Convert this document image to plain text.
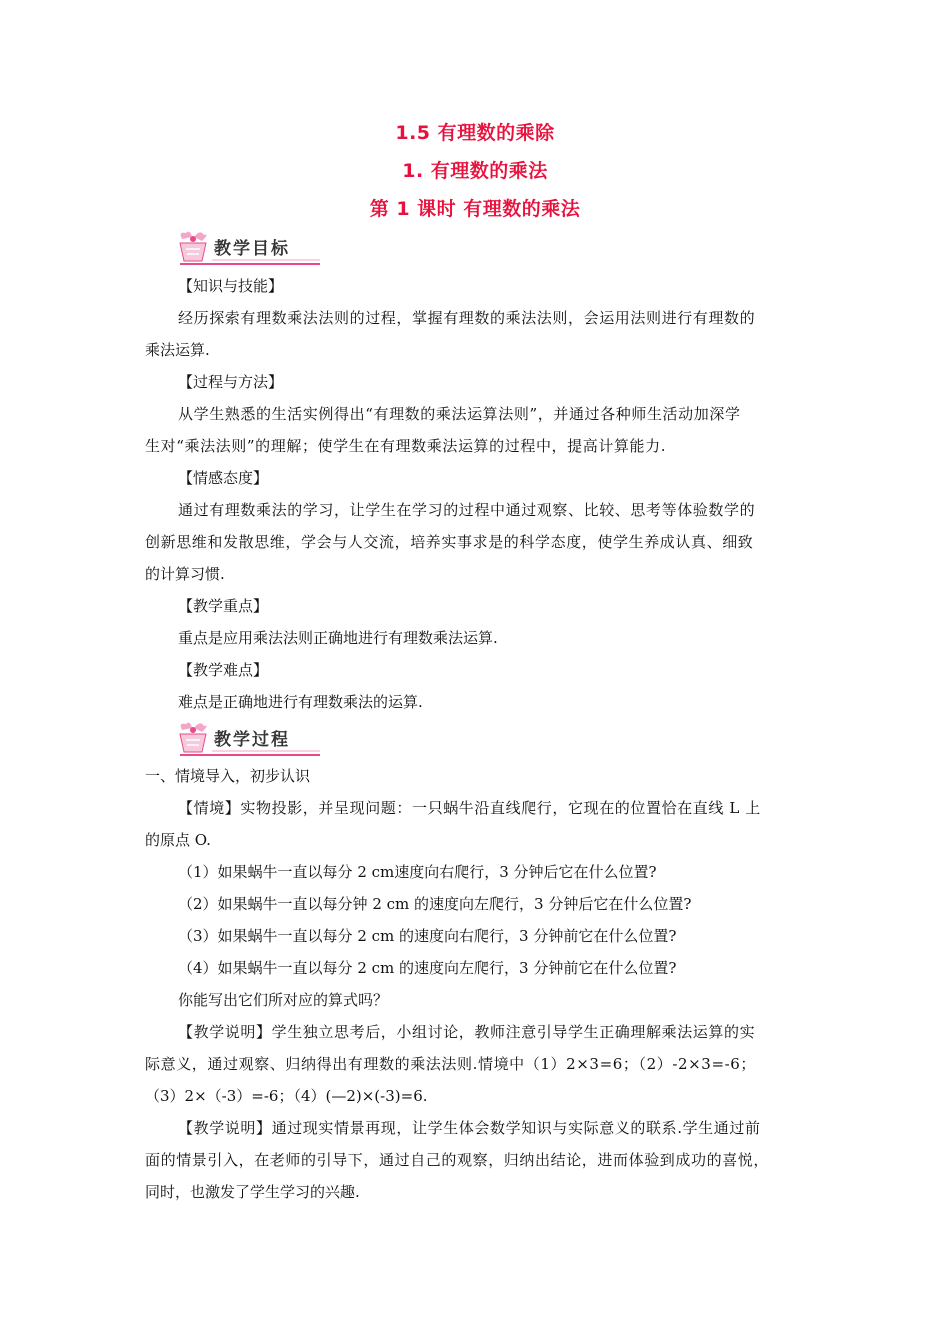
1.5 有理数的乘除
1. 有理数的乘法
第 1 课时 有理数的乘法
教学目标
【知识与技能】
经历探索有理数乘法法则的过程，掌握有理数的乘法法则，会运用法则进行有理数的
乘法运算.
【过程与方法】
从学生熟悉的生活实例得出“有理数的乘法运算法则”，并通过各种师生活动加深学
生对“乘法法则”的理解；使学生在有理数乘法运算的过程中，提高计算能力.
【情感态度】
通过有理数乘法的学习，让学生在学习的过程中通过观察、比较、思考等体验数学的
创新思维和发散思维，学会与人交流，培养实事求是的科学态度，使学生养成认真、细致
的计算习惯.
【教学重点】
重点是应用乘法法则正确地进行有理数乘法运算.
【教学难点】
难点是正确地进行有理数乘法的运算.
教学过程
一、情境导入，初步认识
【情境】实物投影，并呈现问题：一只蜗牛沿直线爬行，它现在的位置恰在直线 L 上
的原点 O.
（1）如果蜗牛一直以每分 2 cm速度向右爬行，3 分钟后它在什么位置?
（2）如果蜗牛一直以每分钟 2 cm 的速度向左爬行，3 分钟后它在什么位置?
（3）如果蜗牛一直以每分 2 cm 的速度向右爬行，3 分钟前它在什么位置?
（4）如果蜗牛一直以每分 2 cm 的速度向左爬行，3 分钟前它在什么位置?
你能写出它们所对应的算式吗？
【教学说明】学生独立思考后，小组讨论，教师注意引导学生正确理解乘法运算的实
际意义，通过观察、归纳得出有理数的乘法法则.情境中（1）2×3=6；（2）-2×3=-6；
（3）2×（-3）=-6；（4）(—2)×(-3)=6.
【教学说明】通过现实情景再现，让学生体会数学知识与实际意义的联系.学生通过前
面的情景引入，在老师的引导下，通过自己的观察，归纳出结论，进而体验到成功的喜悦，
同时，也激发了学生学习的兴趣.
